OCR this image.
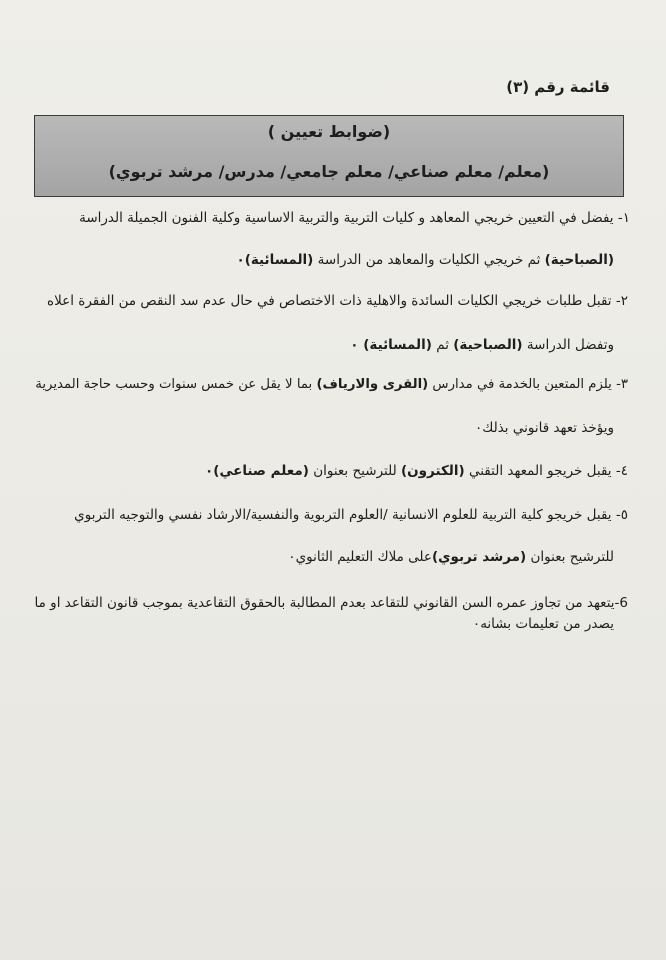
قائمة رقم (٣)
(ضوابط تعيين )
(معلم/ معلم صناعي/ معلم جامعي/ مدرس/ مرشد تربوي)
١- يفضل في التعيين خريجي المعاهد و كليات التربية والتربية الاساسية وكلية الفنون الجميلة الدراسة
(الصباحية) ثم خريجي الكليات والمعاهد من الدراسة (المسائية)۰
٢- تقبل طلبات خريجي الكليات السائدة والاهلية ذات الاختصاص في حال عدم سد النقص من الفقرة اعلاه
وتفضل الدراسة (الصباحية) ثم (المسائية) ۰
٣- يلزم المتعين بالخدمة في مدارس (القرى والارياف) بما لا يقل عن خمس سنوات وحسب حاجة المديرية
ويؤخذ تعهد قانوني بذلك۰
٤- يقبل خريجو المعهد التقني (الكترون) للترشيح بعنوان (معلم صناعي)۰
٥- يقبل خريجو كلية التربية للعلوم الانسانية /العلوم التربوية والنفسية/الارشاد نفسي والتوجيه التربوي
للترشيح بعنوان (مرشد تربوي)على ملاك التعليم الثانوي۰
6-يتعهد من تجاوز عمره السن القانوني للتقاعد بعدم المطالبة بالحقوق التقاعدية بموجب قانون التقاعد او ما
يصدر من تعليمات بشانه۰
